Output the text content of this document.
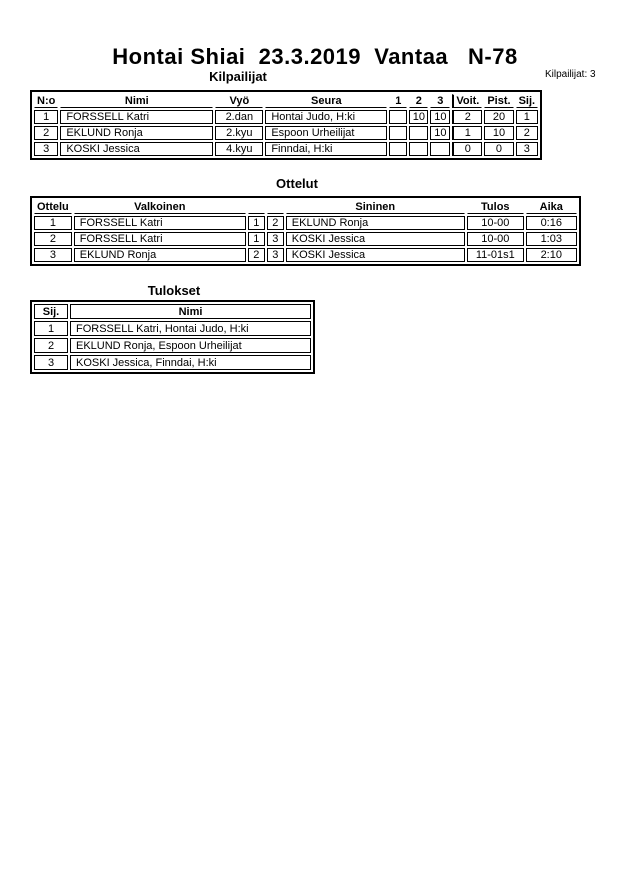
Hontai Shiai  23.3.2019  Vantaa   N-78
Kilpailijat	Kilpailijat: 3
N:o	Nimi	Vyö	Seura	1	2	3	Voit.	Pist.	Sij.
1	FORSSELL Katri	2.dan	Hontai Judo, H:ki		10	10	2	20	1
2	EKLUND Ronja	2.kyu	Espoon Urheilijat			10	1	10	2
3	KOSKI Jessica	4.kyu	Finndai, H:ki				0	0	3
Ottelut
Ottelu	Valkoinen			Sininen	Tulos	Aika
1	FORSSELL Katri	1	2	EKLUND Ronja	10-00	0:16
2	FORSSELL Katri	1	3	KOSKI Jessica	10-00	1:03
3	EKLUND Ronja	2	3	KOSKI Jessica	11-01s1	2:10
Tulokset
Sij.	Nimi
1	FORSSELL Katri, Hontai Judo, H:ki
2	EKLUND Ronja, Espoon Urheilijat
3	KOSKI Jessica, Finndai, H:ki
